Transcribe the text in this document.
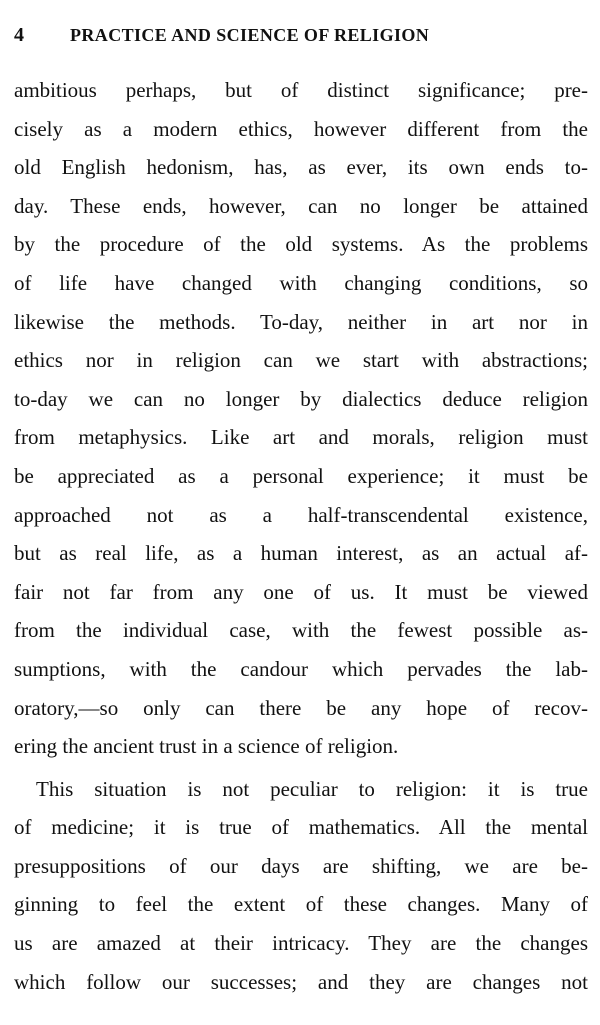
4	PRACTICE AND SCIENCE OF RELIGION
ambitious perhaps, but of distinct significance; pre-
cisely as a modern ethics, however different from the
old English hedonism, has, as ever, its own ends to-
day. These ends, however, can no longer be attained
by the procedure of the old systems. As the problems
of life have changed with changing conditions, so
likewise the methods. To-day, neither in art nor in
ethics nor in religion can we start with abstractions;
to-day we can no longer by dialectics deduce religion
from metaphysics. Like art and morals, religion must
be appreciated as a personal experience; it must be
approached not as a half-transcendental existence,
but as real life, as a human interest, as an actual af-
fair not far from any one of us. It must be viewed
from the individual case, with the fewest possible as-
sumptions, with the candour which pervades the lab-
oratory,—so only can there be any hope of recov-
ering the ancient trust in a science of religion.
This situation is not peculiar to religion: it is true
of medicine; it is true of mathematics. All the mental
presuppositions of our days are shifting, we are be-
ginning to feel the extent of these changes. Many of
us are amazed at their intricacy. They are the changes
which follow our successes; and they are changes not
